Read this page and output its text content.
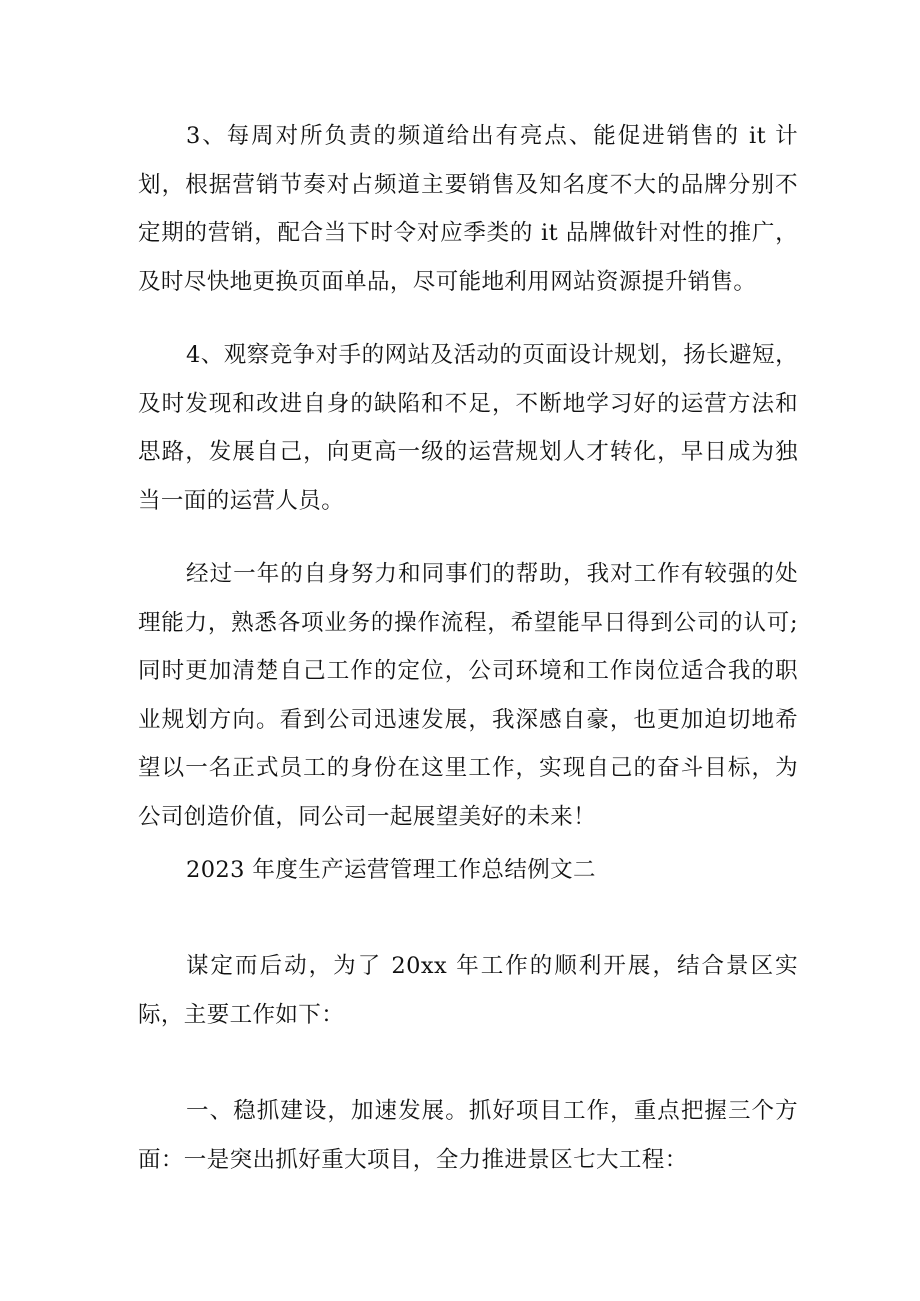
3、每周对所负责的频道给出有亮点、能促进销售的 it 计划，根据营销节奏对占频道主要销售及知名度不大的品牌分别不定期的营销，配合当下时令对应季类的 it 品牌做针对性的推广，及时尽快地更换页面单品，尽可能地利用网站资源提升销售。

4、观察竞争对手的网站及活动的页面设计规划，扬长避短，及时发现和改进自身的缺陷和不足，不断地学习好的运营方法和思路，发展自己，向更高一级的运营规划人才转化，早日成为独当一面的运营人员。

经过一年的自身努力和同事们的帮助，我对工作有较强的处理能力，熟悉各项业务的操作流程，希望能早日得到公司的认可;同时更加清楚自己工作的定位，公司环境和工作岗位适合我的职业规划方向。看到公司迅速发展，我深感自豪，也更加迫切地希望以一名正式员工的身份在这里工作，实现自己的奋斗目标，为公司创造价值，同公司一起展望美好的未来！

2023 年度生产运营管理工作总结例文二

谋定而后动，为了 20xx 年工作的顺利开展，结合景区实际，主要工作如下：

一、稳抓建设，加速发展。抓好项目工作，重点把握三个方面：一是突出抓好重大项目，全力推进景区七大工程：
